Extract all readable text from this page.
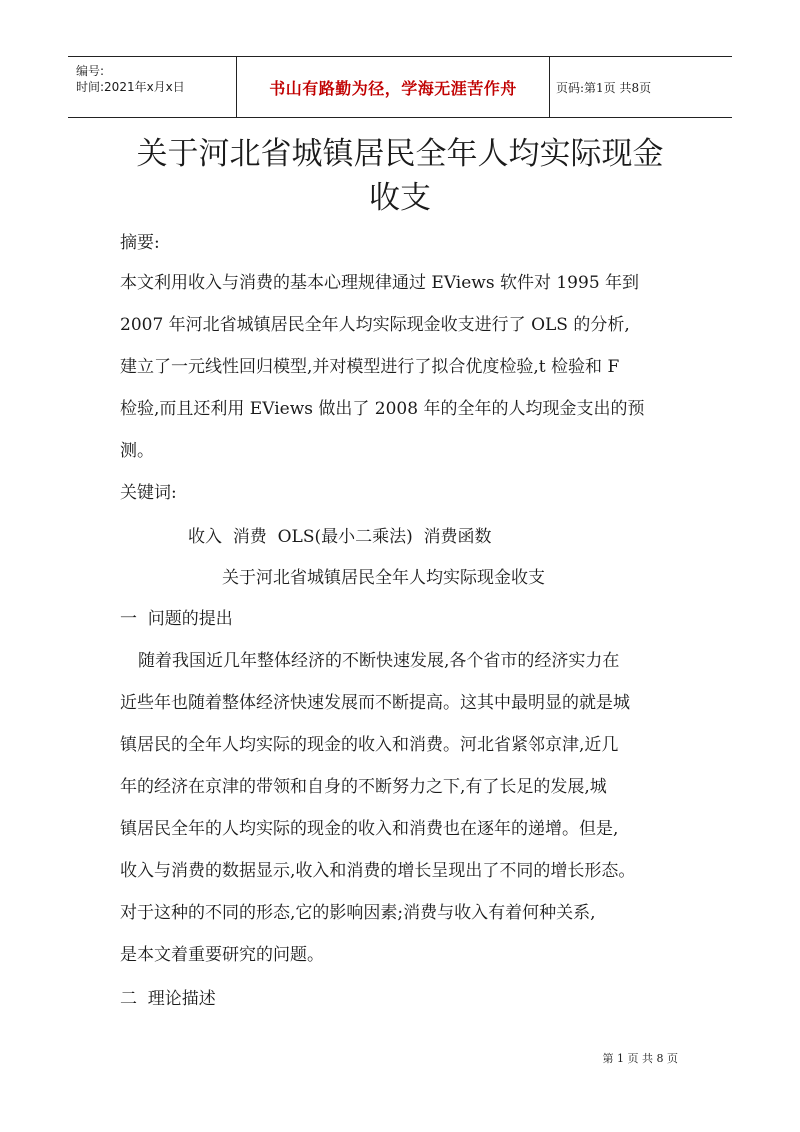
编号:
时间:2021年x月x日	书山有路勤为径，学海无涯苦作舟	页码:第1页 共8页
关于河北省城镇居民全年人均实际现金
收支

摘要:

本文利用收入与消费的基本心理规律通过 EViews 软件对 1995 年到

2007 年河北省城镇居民全年人均实际现金收支进行了 OLS 的分析,

建立了一元线性回归模型,并对模型进行了拟合优度检验,t 检验和 F

检验,而且还利用 EViews 做出了 2008 年的全年的人均现金支出的预

测。

关键词:

收入  消费  OLS(最小二乘法)  消费函数

关于河北省城镇居民全年人均实际现金收支

一  问题的提出

随着我国近几年整体经济的不断快速发展,各个省市的经济实力在

近些年也随着整体经济快速发展而不断提高。这其中最明显的就是城

镇居民的全年人均实际的现金的收入和消费。河北省紧邻京津,近几

年的经济在京津的带领和自身的不断努力之下,有了长足的发展,城

镇居民全年的人均实际的现金的收入和消费也在逐年的递增。但是,

收入与消费的数据显示,收入和消费的增长呈现出了不同的增长形态。

对于这种的不同的形态,它的影响因素;消费与收入有着何种关系,

是本文着重要研究的问题。

二  理论描述

第 1 页 共 8 页
